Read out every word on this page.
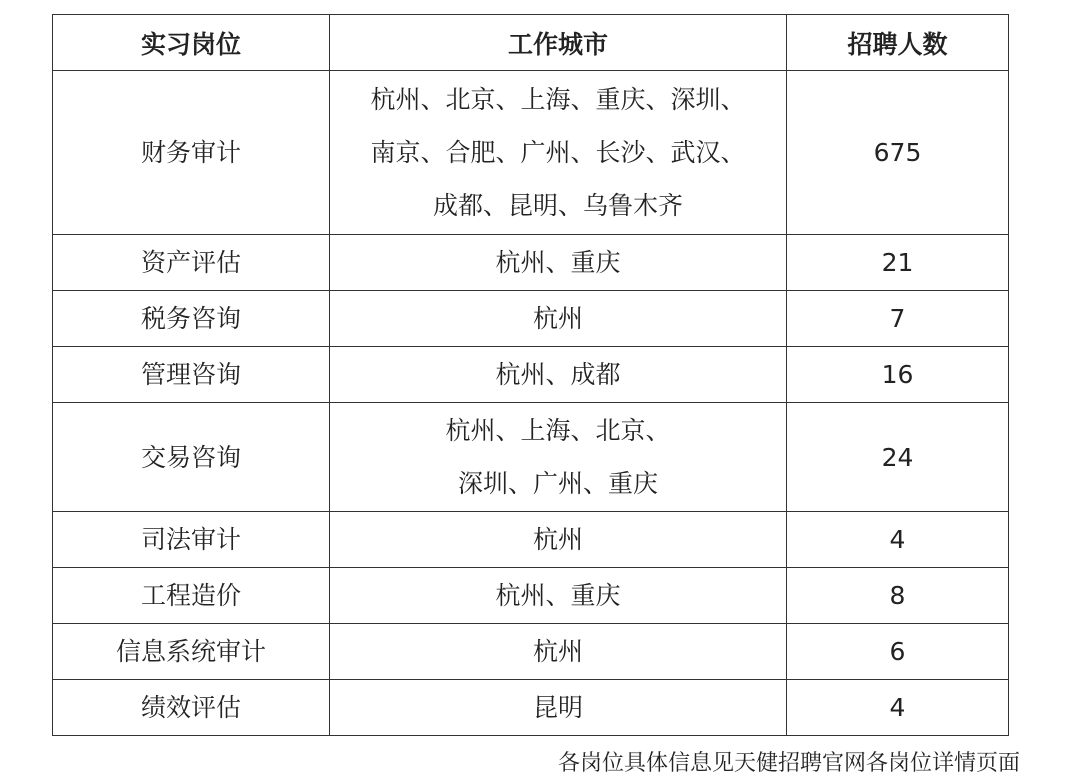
实习岗位	工作城市	招聘人数
财务审计	杭州、北京、上海、重庆、深圳、
南京、合肥、广州、长沙、武汉、
成都、昆明、乌鲁木齐	675
资产评估	杭州、重庆	21
税务咨询	杭州	7
管理咨询	杭州、成都	16
交易咨询	杭州、上海、北京、
深圳、广州、重庆	24
司法审计	杭州	4
工程造价	杭州、重庆	8
信息系统审计	杭州	6
绩效评估	昆明	4
各岗位具体信息见天健招聘官网各岗位详情页面
